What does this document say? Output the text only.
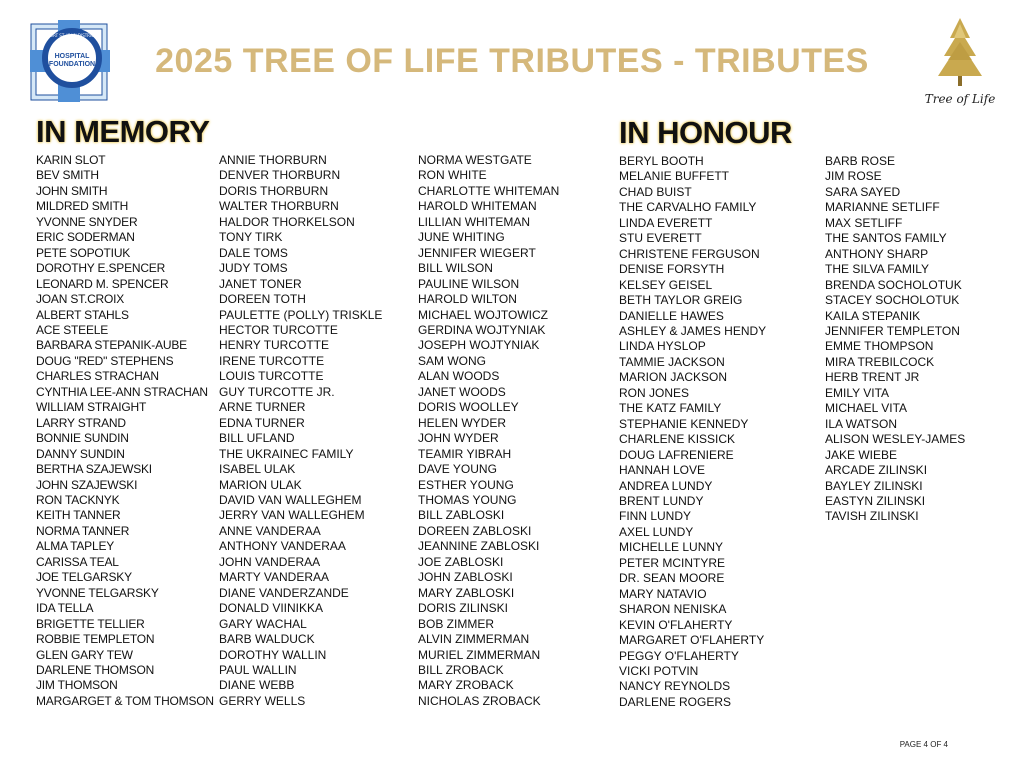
FORT ST. JOHN DISTRICT
HOSPITAL
FOUNDATION	2025 TREE OF LIFE TRIBUTES - TRIBUTES
Tree of Life
IN MEMORY	IN HONOUR
KARIN SLOT
BEV SMITH
JOHN SMITH
MILDRED SMITH
YVONNE SNYDER
ERIC SODERMAN
PETE SOPOTIUK
DOROTHY E.SPENCER
LEONARD M. SPENCER
JOAN ST.CROIX
ALBERT STAHLS
ACE STEELE
BARBARA STEPANIK-AUBE
DOUG "RED" STEPHENS
CHARLES STRACHAN
CYNTHIA LEE-ANN STRACHAN
WILLIAM STRAIGHT
LARRY STRAND
BONNIE SUNDIN
DANNY SUNDIN
BERTHA SZAJEWSKI
JOHN SZAJEWSKI
RON TACKNYK
KEITH TANNER
NORMA TANNER
ALMA TAPLEY
CARISSA TEAL
JOE TELGARSKY
YVONNE TELGARSKY
IDA TELLA
BRIGETTE TELLIER
ROBBIE TEMPLETON
GLEN GARY TEW
DARLENE THOMSON
JIM THOMSON
MARGARGET & TOM THOMSON
ANNIE THORBURN
DENVER THORBURN
DORIS THORBURN
WALTER THORBURN
HALDOR THORKELSON
TONY TIRK
DALE TOMS
JUDY TOMS
JANET TONER
DOREEN TOTH
PAULETTE (POLLY) TRISKLE
HECTOR TURCOTTE
HENRY TURCOTTE
IRENE TURCOTTE
LOUIS TURCOTTE
GUY TURCOTTE JR.
ARNE TURNER
EDNA TURNER
BILL UFLAND
THE UKRAINEC FAMILY
ISABEL ULAK
MARION ULAK
DAVID VAN WALLEGHEM
JERRY VAN WALLEGHEM
ANNE VANDERAA
ANTHONY VANDERAA
JOHN VANDERAA
MARTY VANDERAA
DIANE VANDERZANDE
DONALD VIINIKKA
GARY WACHAL
BARB WALDUCK
DOROTHY WALLIN
PAUL WALLIN
DIANE WEBB
GERRY WELLS
NORMA WESTGATE
RON WHITE
CHARLOTTE WHITEMAN
HAROLD WHITEMAN
LILLIAN WHITEMAN
JUNE WHITING
JENNIFER WIEGERT
BILL WILSON
PAULINE WILSON
HAROLD WILTON
MICHAEL WOJTOWICZ
GERDINA WOJTYNIAK
JOSEPH WOJTYNIAK
SAM WONG
ALAN WOODS
JANET WOODS
DORIS WOOLLEY
HELEN WYDER
JOHN WYDER
TEAMIR YIBRAH
DAVE YOUNG
ESTHER YOUNG
THOMAS YOUNG
BILL ZABLOSKI
DOREEN ZABLOSKI
JEANNINE ZABLOSKI
JOE ZABLOSKI
JOHN ZABLOSKI
MARY ZABLOSKI
DORIS ZILINSKI
BOB ZIMMER
ALVIN ZIMMERMAN
MURIEL ZIMMERMAN
BILL ZROBACK
MARY ZROBACK
NICHOLAS ZROBACK
BERYL BOOTH
MELANIE BUFFETT
CHAD BUIST
THE CARVALHO FAMILY
LINDA EVERETT
STU EVERETT
CHRISTENE FERGUSON
DENISE FORSYTH
KELSEY GEISEL
BETH TAYLOR GREIG
DANIELLE HAWES
ASHLEY & JAMES HENDY
LINDA HYSLOP
TAMMIE JACKSON
MARION JACKSON
RON JONES
THE KATZ FAMILY
STEPHANIE KENNEDY
CHARLENE KISSICK
DOUG LAFRENIERE
HANNAH LOVE
ANDREA LUNDY
BRENT LUNDY
FINN LUNDY
AXEL LUNDY
MICHELLE LUNNY
PETER MCINTYRE
DR. SEAN MOORE
MARY NATAVIO
SHARON NENISKA
KEVIN O'FLAHERTY
MARGARET O'FLAHERTY
PEGGY O'FLAHERTY
VICKI POTVIN
NANCY REYNOLDS
DARLENE ROGERS
BARB ROSE
JIM ROSE
SARA SAYED
MARIANNE SETLIFF
MAX SETLIFF
THE SANTOS FAMILY
ANTHONY SHARP
THE SILVA FAMILY
BRENDA SOCHOLOTUK
STACEY SOCHOLOTUK
KAILA STEPANIK
JENNIFER TEMPLETON
EMME THOMPSON
MIRA TREBILCOCK
HERB TRENT JR
EMILY VITA
MICHAEL VITA
ILA WATSON
ALISON WESLEY-JAMES
JAKE WIEBE
ARCADE ZILINSKI
BAYLEY ZILINSKI
EASTYN ZILINSKI
TAVISH ZILINSKI
PAGE 4 OF 4
